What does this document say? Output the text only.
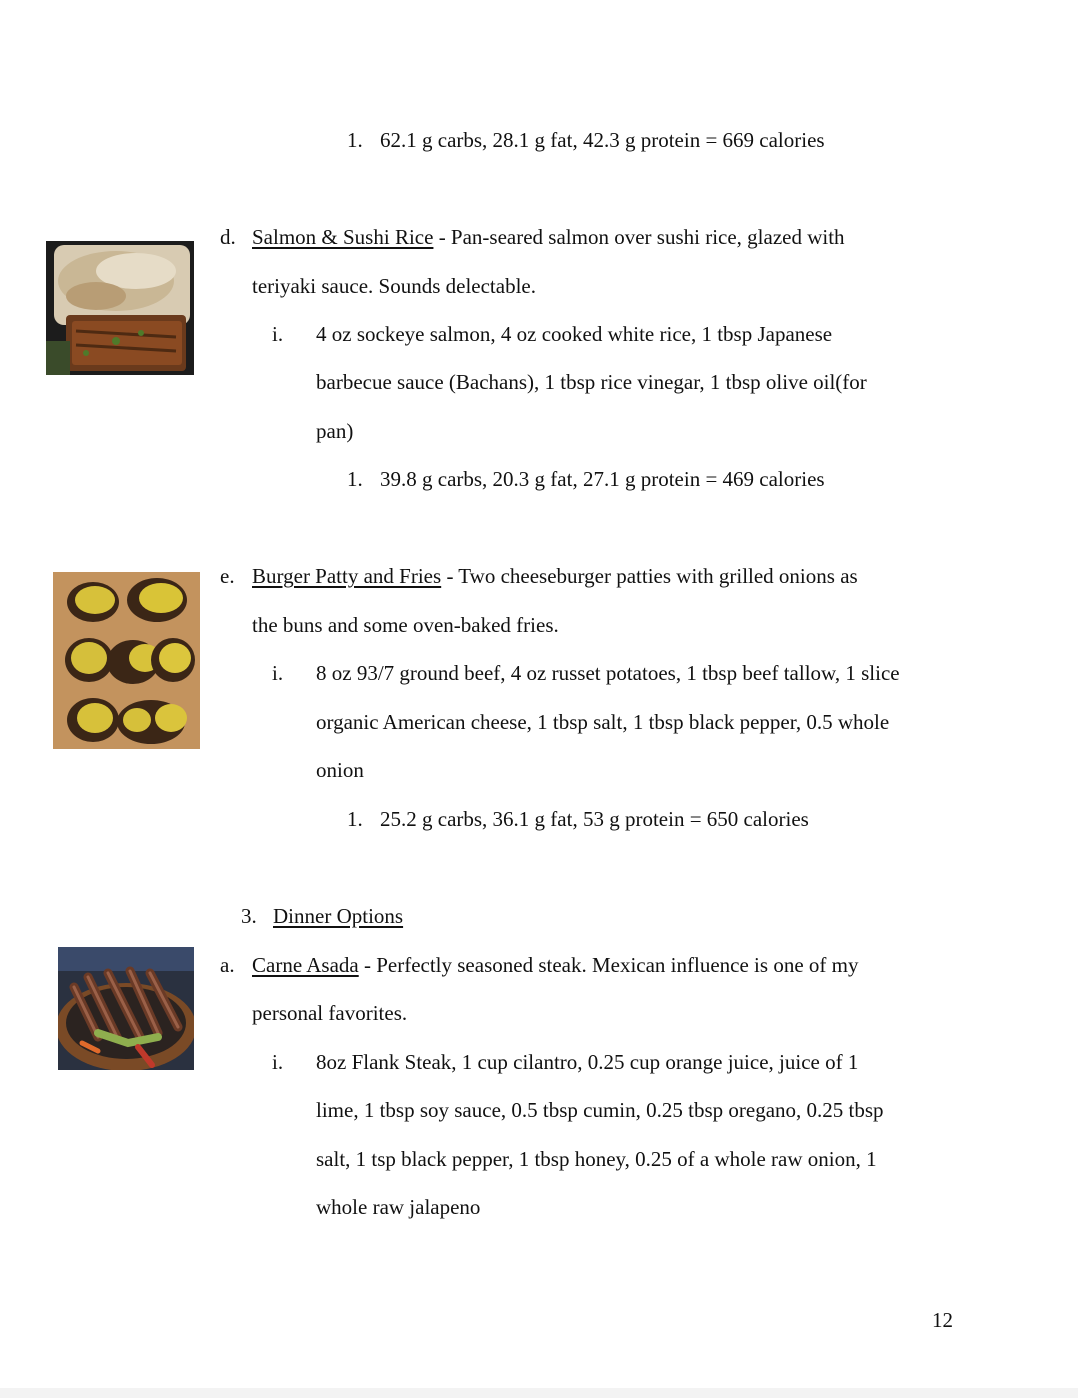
1. 62.1 g carbs, 28.1 g fat, 42.3 g protein = 669 calories
d. Salmon & Sushi Rice - Pan-seared salmon over sushi rice, glazed with
teriyaki sauce. Sounds delectable.
i. 4 oz sockeye salmon, 4 oz cooked white rice, 1 tbsp Japanese
barbecue sauce (Bachans), 1 tbsp rice vinegar, 1 tbsp olive oil(for
pan)
1. 39.8 g carbs, 20.3 g fat, 27.1 g protein = 469 calories
e. Burger Patty and Fries - Two cheeseburger patties with grilled onions as
the buns and some oven-baked fries.
i. 8 oz 93/7 ground beef, 4 oz russet potatoes, 1 tbsp beef tallow, 1 slice
organic American cheese, 1 tbsp salt, 1 tbsp black pepper, 0.5 whole
onion
1. 25.2 g carbs, 36.1 g fat, 53 g protein = 650 calories
3. Dinner Options
a. Carne Asada - Perfectly seasoned steak. Mexican influence is one of my
personal favorites.
i. 8oz Flank Steak, 1 cup cilantro, 0.25 cup orange juice, juice of 1
lime, 1 tbsp soy sauce, 0.5 tbsp cumin, 0.25 tbsp oregano, 0.25 tbsp
salt, 1 tsp black pepper, 1 tbsp honey, 0.25 of a whole raw onion, 1
whole raw jalapeno
12
